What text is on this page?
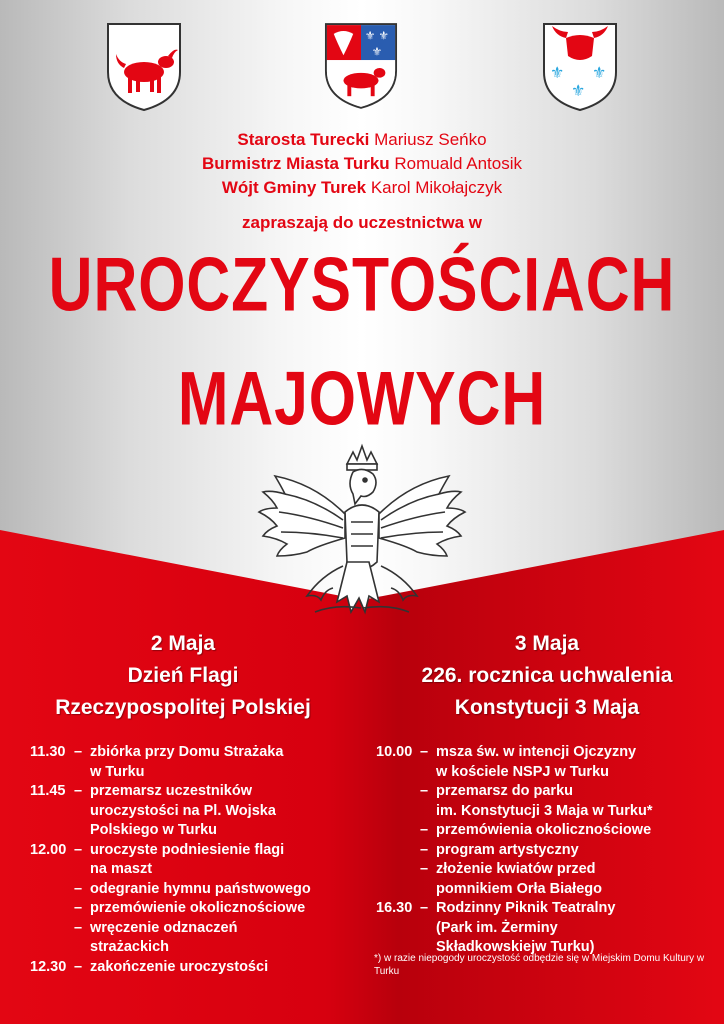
⚜ ⚜
⚜
⚜ ⚜
⚜
Starosta Turecki Mariusz Seńko
Burmistrz Miasta Turku Romuald Antosik
Wójt Gminy Turek Karol Mikołajczyk
zapraszają do uczestnictwa w
UROCZYSTOŚCIACH
MAJOWYCH
2 Maja
Dzień Flagi
Rzeczypospolitej Polskiej
3 Maja
226. rocznica uchwalenia
Konstytucji 3 Maja
11.30 – zbiórka przy Domu Strażaka
w Turku
11.45 – przemarsz uczestników
uroczystości na Pl. Wojska
Polskiego w Turku
12.00 – uroczyste podniesienie flagi
na maszt
– odegranie hymnu państwowego
– przemówienie okolicznościowe
– wręczenie odznaczeń
strażackich
12.30 – zakończenie uroczystości
10.00 – msza św. w intencji Ojczyzny
w kościele NSPJ w Turku
– przemarsz do parku
im. Konstytucji 3 Maja w Turku*
– przemówienia okolicznościowe
– program artystyczny
– złożenie kwiatów przed
pomnikiem Orła Białego
16.30 – Rodzinny Piknik Teatralny
(Park im. Żerminy
Składkowskiejw Turku)
*) w razie niepogody uroczystość odbędzie się w Miejskim Domu Kultury w Turku
